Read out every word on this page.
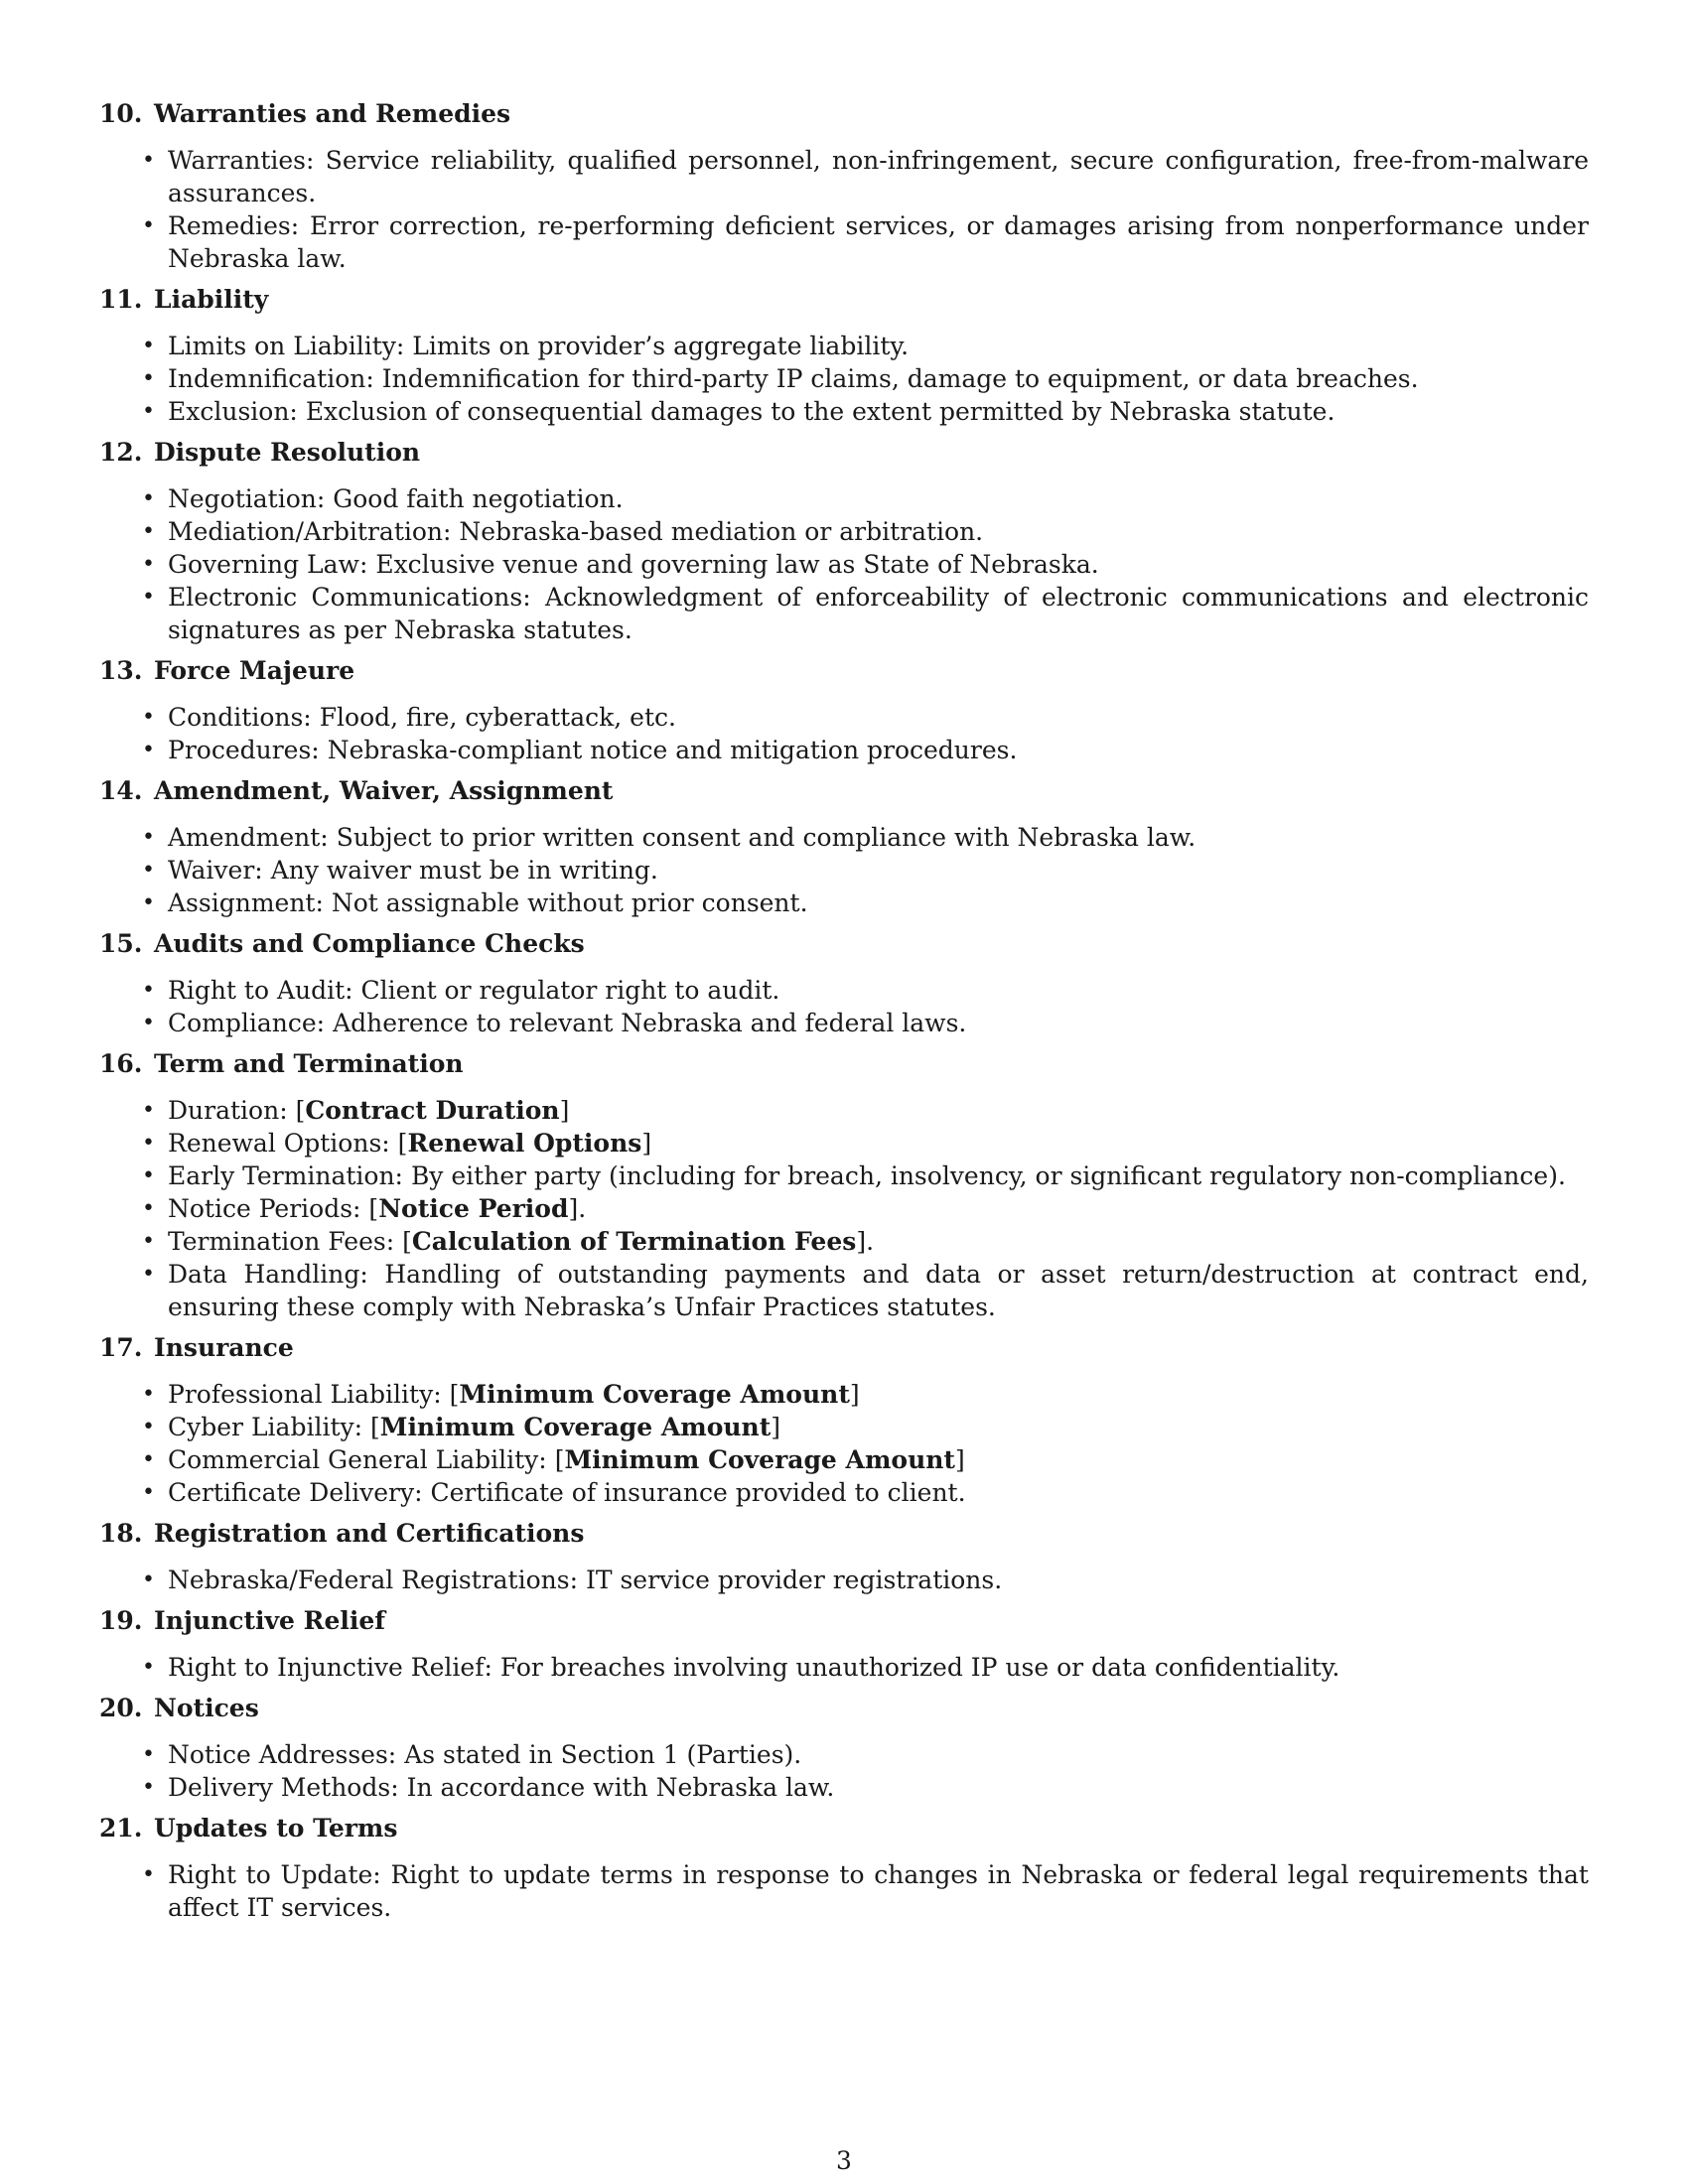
10. Warranties and Remedies
• Warranties: Service reliability, qualified personnel, non-infringement, secure configuration, free-from-malware assurances.
• Remedies: Error correction, re-performing deficient services, or damages arising from nonperformance under Nebraska law.
11. Liability
• Limits on Liability: Limits on provider’s aggregate liability.
• Indemnification: Indemnification for third-party IP claims, damage to equipment, or data breaches.
• Exclusion: Exclusion of consequential damages to the extent permitted by Nebraska statute.
12. Dispute Resolution
• Negotiation: Good faith negotiation.
• Mediation/Arbitration: Nebraska-based mediation or arbitration.
• Governing Law: Exclusive venue and governing law as State of Nebraska.
• Electronic Communications: Acknowledgment of enforceability of electronic communications and electronic signatures as per Nebraska statutes.
13. Force Majeure
• Conditions: Flood, fire, cyberattack, etc.
• Procedures: Nebraska-compliant notice and mitigation procedures.
14. Amendment, Waiver, Assignment
• Amendment: Subject to prior written consent and compliance with Nebraska law.
• Waiver: Any waiver must be in writing.
• Assignment: Not assignable without prior consent.
15. Audits and Compliance Checks
• Right to Audit: Client or regulator right to audit.
• Compliance: Adherence to relevant Nebraska and federal laws.
16. Term and Termination
• Duration: [Contract Duration]
• Renewal Options: [Renewal Options]
• Early Termination: By either party (including for breach, insolvency, or significant regulatory non-compliance).
• Notice Periods: [Notice Period].
• Termination Fees: [Calculation of Termination Fees].
• Data Handling: Handling of outstanding payments and data or asset return/destruction at contract end, ensuring these comply with Nebraska’s Unfair Practices statutes.
17. Insurance
• Professional Liability: [Minimum Coverage Amount]
• Cyber Liability: [Minimum Coverage Amount]
• Commercial General Liability: [Minimum Coverage Amount]
• Certificate Delivery: Certificate of insurance provided to client.
18. Registration and Certifications
• Nebraska/Federal Registrations: IT service provider registrations.
19. Injunctive Relief
• Right to Injunctive Relief: For breaches involving unauthorized IP use or data confidentiality.
20. Notices
• Notice Addresses: As stated in Section 1 (Parties).
• Delivery Methods: In accordance with Nebraska law.
21. Updates to Terms
• Right to Update: Right to update terms in response to changes in Nebraska or federal legal requirements that affect IT services.
3
